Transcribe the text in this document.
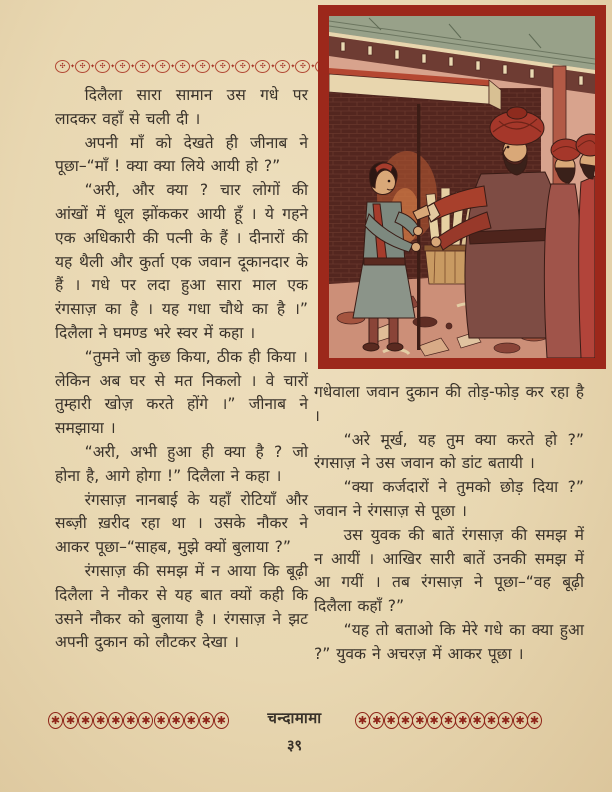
✣ ✦ ✣ ✦ ✣ ✦ ✣ ✦ ✣ ✦ ✣ ✦ ✣ ✦ ✣ ✦ ✣ ✦ ✣ ✦ ✣ ✦ ✣ ✦ ✣ ✦

दिलैला सारा सामान उस गधे पर लादकर वहाँ से चली दी ।

अपनी माँ को देखते ही जीनाब ने पूछा–“माँ ! क्या क्या लिये आयी हो ?”

“अरी, और क्या ? चार लोगों की आंखों में धूल झोंककर आयी हूँ । ये गहने एक अधिकारी की पत्नी के हैं । दीनारों की यह थैली और कुर्ता एक जवान दूकानदार के हैं । गधे पर लदा हुआ सारा माल एक रंगसाज़ का है । यह गधा चौथे का है ।” दिलैला ने घमण्ड भरे स्वर में कहा ।

“तुमने जो कुछ किया, ठीक ही किया । लेकिन अब घर से मत निकलो । वे चारों तुम्हारी खोज़ करते होंगे ।” जीनाब ने समझाया ।

“अरी, अभी हुआ ही क्या है ? जो होना है, आगे होगा !” दिलैला ने कहा ।

रंगसाज़ नानबाई के यहाँ रोटियाँ और सब्ज़ी ख़रीद रहा था । उसके नौकर ने आकर पूछा–“साहब, मुझे क्यों बुलाया ?”

रंगसाज़ की समझ में न आया कि बूढ़ी दिलैला ने नौकर से यह बात क्यों कही कि उसने नौकर को बुलाया है । रंगसाज़ ने झट अपनी दुकान को लौटकर देखा ।

गधेवाला जवान दुकान की तोड़-फोड़ कर रहा है ।

“अरे मूर्ख, यह तुम क्या करते हो ?” रंगसाज़ ने उस जवान को डांट बतायी ।

“क्या कर्जदारों ने तुमको छोड़ दिया ?” जवान ने रंगसाज़ से पूछा ।

उस युवक की बातें रंगसाज़ की समझ में न आयीं । आखिर सारी बातें उनकी समझ में आ गयीं । तब रंगसाज़ ने पूछा–“वह बूढ़ी दिलैला कहाँ ?”

“यह तो बताओ कि मेरे गधे का क्या हुआ ?” युवक ने अचरज़ में आकर पूछा ।

✱ ✱ ✱ ✱ ✱ ✱ ✱ ✱ ✱ ✱ ✱ ✱	चन्दामामा	✱ ✱ ✱ ✱ ✱ ✱ ✱ ✱ ✱ ✱ ✱ ✱ ✱
३९
